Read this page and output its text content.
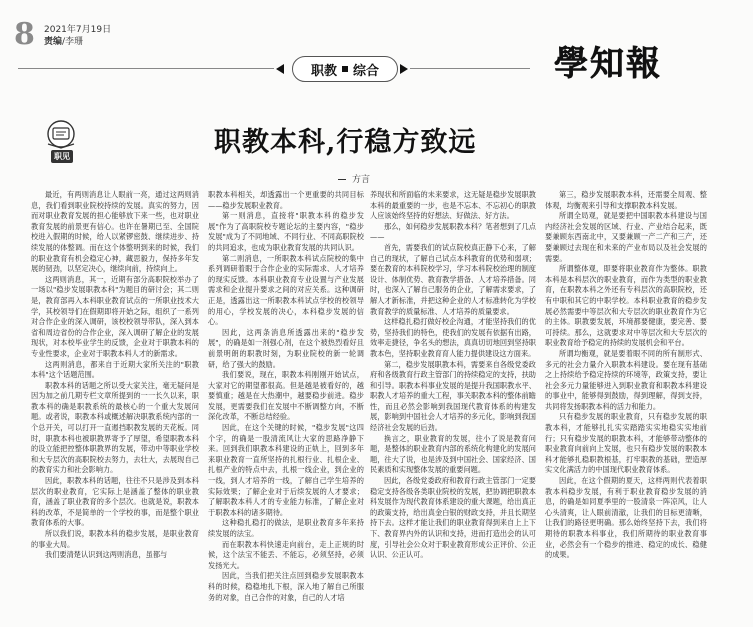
8 2021年7月19日
责编/李珊
职教 综合	學知報
职见	职教本科,行稳方致远
方言

最近，有两则消息让人眼前一亮，通过这两则消息，我们看到职业院校持续的发展。真实的努力，因而对职业教育发展的担心能够放下来一些，也对职业教育发展的前景更有信心。也许在暑期已至、全国院校进入假期的时候，给人以紧锣密鼓、继续进步、持续发展的体整调。而在这个体整明到来的时候，我们的职业教育有机会稳定心神，藏思毅力，保持多年发展的韧劲，以坚定决心，继续向前，持续向上。

这两则消息，其一，近期有部分高职院校举办了一场以"稳步发展职教本科"为题目的研讨会；其二则是，教育部再入本科职业教育试点的一所职业技术大学，其校领导们在假期即将开始之际，组织了一系列对合作企业的深入调研，该校校领导带队，深入到本省和周边省份的合作企业，深入调研了解企业的发展现状，对本校毕业学生的反馈，企业对于职教本科的专业性要求，企业对于职教本科人才的新需求。

这两则消息，都来自于近期大家所关注的"职教本科"这个话题范围。

职教本科的话题之所以受大家关注，毫无疑问是因为加之前几期专栏文章所提到的一一长久以来，职教本科的确是职教系统的最核心的一个重大发展问题。或者说，职教本科或概述解决职教系统内部的一个总开关，可以打开一直遏挡职教发展的天花板。同时，职教本科也被职教界寄予了厚望，希望职教本科的设立能把控整体职教界的发展，带动中等职业学校和大专层次的高职院校去努力，去壮大，去展现自己的教育实力和社会影响力。

因此，职教本科的话题，往往不只是涉及到本科层次的职业教育，它实际上是涵盖了整体的职业教育，涵盖了职业教育的多个层次。也就是说，职教本科的改革，不是简单的一个学校的事，而是整个职业教育体系的大事。

所以我们说，职教本科的稳步发展，是职业教育的事业大局。

我们要清楚认识到这两则消息，虽都与

职教本科相关，却透露出一个更重要的共同目标——稳步发展职业教育。

第一则消息，直接将"职教本科的稳步发展"作为了高职院校专题论坛的主要内容，"稳步发展"成为了不同地域、不同行业、不同高职院校的共同追求，也成为职业教育发展的共同认识。

第二则消息，一所职教本科试点院校的集中系列调研着眼于合作企业的实际需求、人才培养的现实反馈。本科职业教育专业设置与产业发展需求和企业提升要求之间的对应关系。这种调研正是，透露出这一所职教本科试点学校的校领导的用心，学校发展的决心，本科稳步发展的信心。

因此，这两条消息所透露出来的"稳步发展"，的确是如一剂强心剂，在这个被热烈看好且前景明朗的职教时刻，为职业院校的新一轮调研，给了强大的鼓励。

我们要说，现在，职教本科刚刚开始试点，大家对它的期望都很高。但是越是被看好的，越要慎重；越是在大热潮中，越要稳步前进。稳步发展，更需要我们在发展中不断调整方向，不断深化改革，不断总结经验。

因此，在这个关键的时候，"稳步发展"这四个字，的确是一股清流风让大家的思路净静下来。回到我们职教本科建设的正轨上，回到多年来职业教育一直所坚持的扎根行业、扎根企业、扎根产业的特点中去，扎根一线企业，到企业的一线，到人才培养的一线，了解自己学生培养的实际效果；了解企业对于后续发展的人才要求；了解职教本科人才的专业能力标准，了解企业对于职教本科的诸多期待。

这种稳扎稳打的做法，是职业教育多年来持续发展的法宝。

而在职教本科快速走向前台，走上正规的时候，这个法宝不能丢、不能忘，必须坚持，必须发扬光大。

因此，当我们把关注点回到稳步发展职教本科的时候，稳稳地扎下根，深入地了解自己所服务的对象，自己合作的对象，自己的人才培

养现状和所面临的未来要求，这无疑是稳步发展职教本科的最重要的一步，也是不忘本、不忘初心的职教人应该始终坚持的好想法、好做法、好方法。

那么，如何稳步发展职教本科？笔者想到了几点——

首先，需要我们的试点院校真正静下心来，了解自己的现状，了解自己试点本科教育的优势和弱项；要在教育的本科院校学习，学习本科院校治理的制度设计、体制优势、教育教学措备、人才培养措备。同时，也深入了解自己服务的企业，了解需求要求，了解人才新标准，并把这种企业的人才标准转化为学校教育教学的质量标准、人才培养的质量要求。

这样稳扎稳打做好校企沟通，才能坚持我们的优势，坚持我们的特色，使我们的发展有依据有出路，效率走捷径，争名头的想法，真真切切地回到坚持职教本色，坚持职业教育育人能力提供建设这方面来。

第二，稳步发展职教本科，需要来自各级党委政府和各级教育行政主管部门的持续稳定的支持，扶助和引导。职教本科事业发展的是提升我国职教水平、职教人才培养的重大工程，事关职教本科的整体前瞻性，而且必然会影响到我国现代教育体系的构建发展，影响到中国社会人才培养的多元化，影响到我国经济社会发展的后劲。

换言之，职业教育的发展，往小了说是教育问题，是整体的职业教育内部的系统化构建化的发展问题，往大了说，也是涉及到中国社会、国家经济、国民素质和实现整体发展的重要问题。

因此，各级党委政府和教育行政主管部门一定要稳定支持各级各类职业院校的发展，把协调把职教本科发展作为现代教育体系建设的重大课题，给出真正的政策支持，给出真金白银的财政支持，并且长期坚持下去。这样才能让我们的职业教育得到来自上上下下、教育界内外的认识和支持，进而打造出会的认可度，引导社会公众对于职业教育形成公正评价、公正认识、公正认可。

第三，稳步发展职教本科，还需要全局观、整体观，均衡观来引导和支撑职教本科发展。

所谓全局观，就是要把中国职教本科建设与国内经济社会发展的区域、行业、产业结合起来，既要兼顾东西南北中，又要兼顾一产二产和三产，还要兼顾过去现在和未来的产业布局以及社会发展的需要。

所谓整体观，即要将职业教育作为整体。职教本科是本科层次的职业教育，而作为类型的职业教育，在职教本科之外还有专科层次的高职院校，还有中职和其它的中职学校。本科职业教育的稳步发展必然需要中等层次和大专层次的职业教育作为它的主体。职教要发展，环境都要健康，要完善、要可持续。那么，这就要求对中等层次和大专层次的职业教育给予稳定的持续的发展机会和平台。

所谓均衡观，就是要着眼不同的所有制形式、多元的社会力量介入职教本科建设。要在现有基础之上持续给予稳定持续的环境等，政策支持，要让社会多元力量能够进入到职业教育和职教本科建设的事业中，能够得到鼓励，得到理解，得到支持，共同将发扬职教本科的活力和能力。

只有稳步发展的职业教育，只有稳步发展的职教本科，才能够扎扎实实踏踏实实地稳实实地前行；只有稳步发展的职教本科，才能够带动整体的职业教育向前向上发展，也只有稳步发展的职教本科才能够扎稳职教根基，打牢职教的基础，塑造厚实文化满活力的中国现代职业教育体系。

因此，在这个假期的夏天，这样两则代表着职教本科稳步发展，有利于职业教育稳步发展的消息，的确是如同夏季里的一股清泉一阵凉风，让人心头清爽，让人眼前清澈，让我们的目标更清晰，让我们的路径更明确。那么始终坚持下去，我们将期待的职教本科事业，我们所期待的职业教育事业，必然会有一个稳步的推进、稳定的成长、稳健的成果。
